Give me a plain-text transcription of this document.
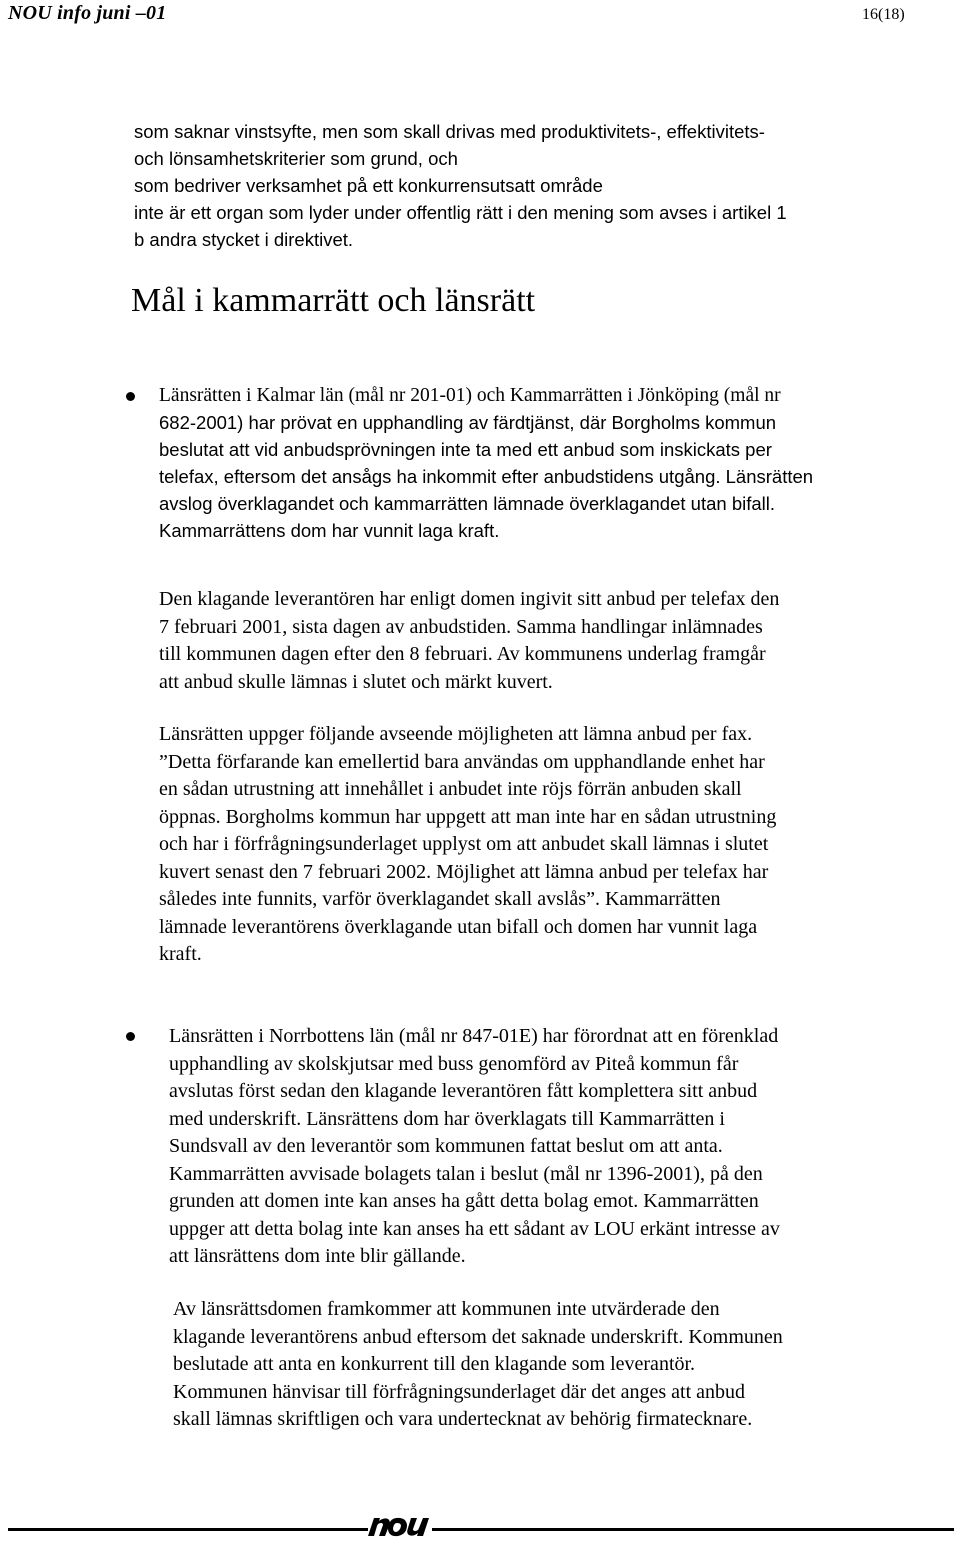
NOU info juni –01	16(18)
som saknar vinstsyfte, men som skall drivas med produktivitets-, effektivitets-
och lönsamhetskriterier som grund, och
som bedriver verksamhet på ett konkurrensutsatt område
inte är ett organ som lyder under offentlig rätt i den mening som avses i artikel 1
b andra stycket i direktivet.
Mål i kammarrätt och länsrätt
Länsrätten i Kalmar län (mål nr 201-01) och Kammarrätten i Jönköping (mål nr
682-2001) har prövat en upphandling av färdtjänst, där Borgholms kommun
beslutat att vid anbudsprövningen inte ta med ett anbud som inskickats per
telefax, eftersom det ansågs ha inkommit efter anbudstidens utgång. Länsrätten
avslog överklagandet och kammarrätten lämnade överklagandet utan bifall.
Kammarrättens dom har vunnit laga kraft.
Den klagande leverantören har enligt domen ingivit sitt anbud per telefax den
7 februari 2001, sista dagen av anbudstiden. Samma handlingar inlämnades
till kommunen dagen efter den 8 februari. Av kommunens underlag framgår
att anbud skulle lämnas i slutet och märkt kuvert.
Länsrätten uppger följande avseende möjligheten att lämna anbud per fax.
”Detta förfarande kan emellertid bara användas om upphandlande enhet har
en sådan utrustning att innehållet i anbudet inte röjs förrän anbuden skall
öppnas. Borgholms kommun har uppgett att man inte har en sådan utrustning
och har i förfrågningsunderlaget upplyst om att anbudet skall lämnas i slutet
kuvert senast den 7 februari 2002. Möjlighet att lämna anbud per telefax har
således inte funnits, varför överklagandet skall avslås”. Kammarrätten
lämnade leverantörens överklagande utan bifall och domen har vunnit laga
kraft.
Länsrätten i Norrbottens län (mål nr 847-01E) har förordnat att en förenklad
upphandling av skolskjutsar med buss genomförd av Piteå kommun får
avslutas först sedan den klagande leverantören fått komplettera sitt anbud
med underskrift. Länsrättens dom har överklagats till Kammarrätten i
Sundsvall av den leverantör som kommunen fattat beslut om att anta.
Kammarrätten avvisade bolagets talan i beslut (mål nr 1396-2001), på den
grunden att domen inte kan anses ha gått detta bolag emot. Kammarrätten
uppger att detta bolag inte kan anses ha ett sådant av LOU erkänt intresse av
att länsrättens dom inte blir gällande.
Av länsrättsdomen framkommer att kommunen inte utvärderade den
klagande leverantörens anbud eftersom det saknade underskrift. Kommunen
beslutade att anta en konkurrent till den klagande som leverantör.
Kommunen hänvisar till förfrågningsunderlaget där det anges att anbud
skall lämnas skriftligen och vara undertecknat av behörig firmatecknare.
